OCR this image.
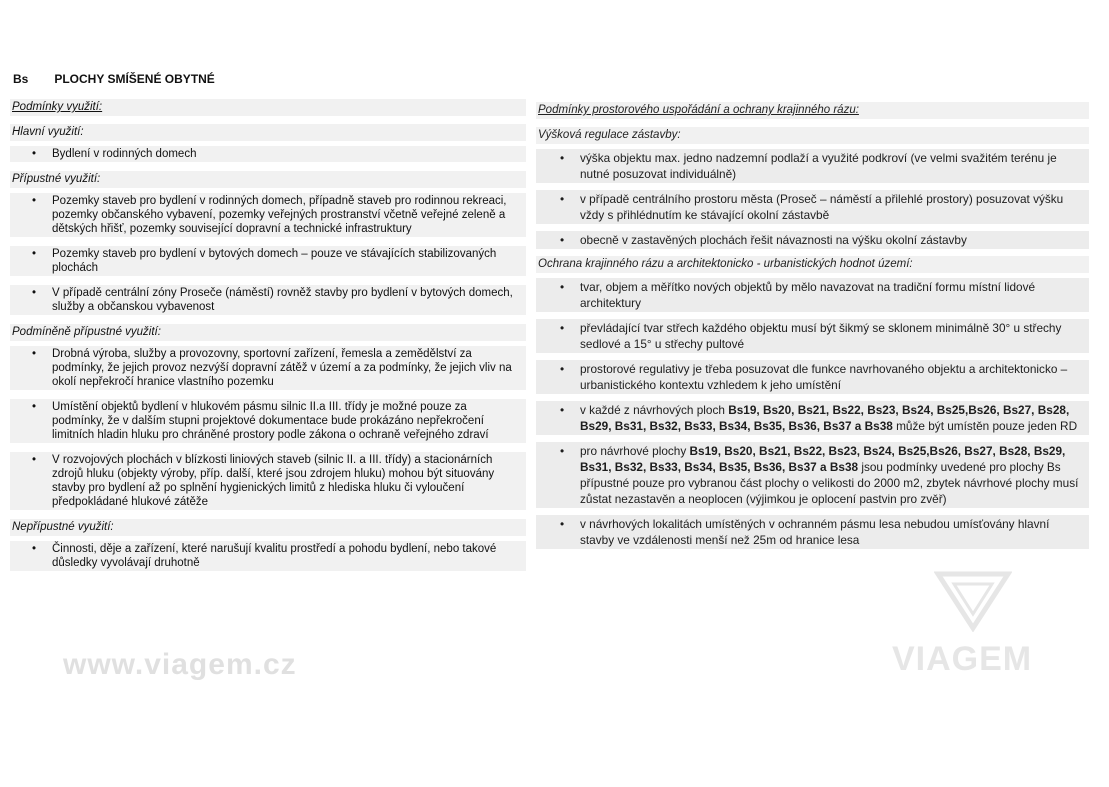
Bs PLOCHY SMÍŠENÉ OBYTNÉ
Podmínky využití:
Hlavní využití:
• Bydlení v rodinných domech
Přípustné využití:
• Pozemky staveb pro bydlení v rodinných domech, případně staveb pro rodinnou rekreaci, pozemky občanského vybavení, pozemky veřejných prostranství včetně veřejné zeleně a dětských hřišť, pozemky související dopravní a technické infrastruktury
• Pozemky staveb pro bydlení v bytových domech – pouze ve stávajících stabilizovaných plochách
• V případě centrální zóny Proseče (náměstí) rovněž stavby pro bydlení v bytových domech, služby a občanskou vybavenost
Podmíněně přípustné využití:
• Drobná výroba, služby a provozovny, sportovní zařízení, řemesla a zemědělství za podmínky, že jejich provoz nezvýší dopravní zátěž v území a za podmínky, že jejich vliv na okolí nepřekročí hranice vlastního pozemku
• Umístění objektů bydlení v hlukovém pásmu silnic II.a III. třídy je možné pouze za podmínky, že v dalším stupni projektové dokumentace bude prokázáno nepřekročení limitních hladin hluku pro chráněné prostory podle zákona o ochraně veřejného zdraví
• V rozvojových plochách v blízkosti liniových staveb (silnic II. a III. třídy) a stacionárních zdrojů hluku (objekty výroby, příp. další, které jsou zdrojem hluku) mohou být situovány stavby pro bydlení až po splnění hygienických limitů z hlediska hluku či vyloučení předpokládané hlukové zátěže
Nepřípustné využití:
• Činnosti, děje a zařízení, které narušují kvalitu prostředí a pohodu bydlení, nebo takové důsledky vyvolávají druhotně
Podmínky prostorového uspořádání a ochrany krajinného rázu:
Výšková regulace zástavby:
• výška objektu max. jedno nadzemní podlaží a využité podkroví (ve velmi svažitém terénu je nutné posuzovat individuálně)
• v případě centrálního prostoru města (Proseč – náměstí a přilehlé prostory) posuzovat výšku vždy s přihlédnutím ke stávající okolní zástavbě
• obecně v zastavěných plochách řešit návaznosti na výšku okolní zástavby
Ochrana krajinného rázu a architektonicko - urbanistických hodnot území:
• tvar, objem a měřítko nových objektů by mělo navazovat na tradiční formu místní lidové architektury
• převládající tvar střech každého objektu musí být šikmý se sklonem minimálně 30° u střechy sedlové a 15° u střechy pultové
• prostorové regulativy je třeba posuzovat dle funkce navrhovaného objektu a architektonicko – urbanistického kontextu vzhledem k jeho umístění
• v každé z návrhových ploch Bs19, Bs20, Bs21, Bs22, Bs23, Bs24, Bs25,Bs26, Bs27, Bs28, Bs29, Bs31, Bs32, Bs33, Bs34, Bs35, Bs36, Bs37 a Bs38 může být umístěn pouze jeden RD
• pro návrhové plochy Bs19, Bs20, Bs21, Bs22, Bs23, Bs24, Bs25,Bs26, Bs27, Bs28, Bs29, Bs31, Bs32, Bs33, Bs34, Bs35, Bs36, Bs37 a Bs38 jsou podmínky uvedené pro plochy Bs přípustné pouze pro vybranou část plochy o velikosti do 2000 m2, zbytek návrhové plochy musí zůstat nezastavěn a neoplocen (výjimkou je oplocení pastvin pro zvěř)
• v návrhových lokalitách umístěných v ochranném pásmu lesa nebudou umísťovány hlavní stavby ve vzdálenosti menší než 25m od hranice lesa
www.viagem.cz	VIAGEM
